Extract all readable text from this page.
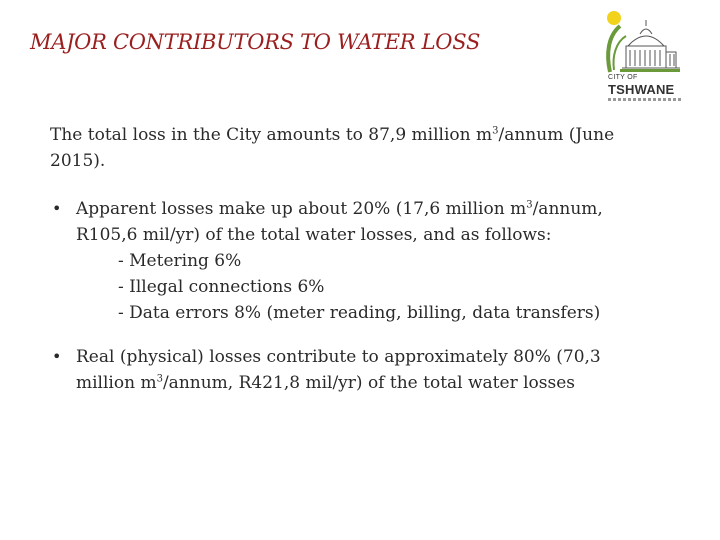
MAJOR CONTRIBUTORS TO WATER LOSS
CITY OF
TSHWANE

The total loss in the City amounts to 87,9 million $m^3$/annum (June 2015).

• Apparent losses make up about 20% (17,6 million $m^3$/annum, R105,6 mil/yr) of the total water losses, and as follows:
- Metering 6%
- Illegal connections 6%
- Data errors 8% (meter reading, billing, data transfers)
• Real (physical) losses contribute to approximately 80% (70,3 million $m^3$/annum, R421,8 mil/yr) of the total water losses
